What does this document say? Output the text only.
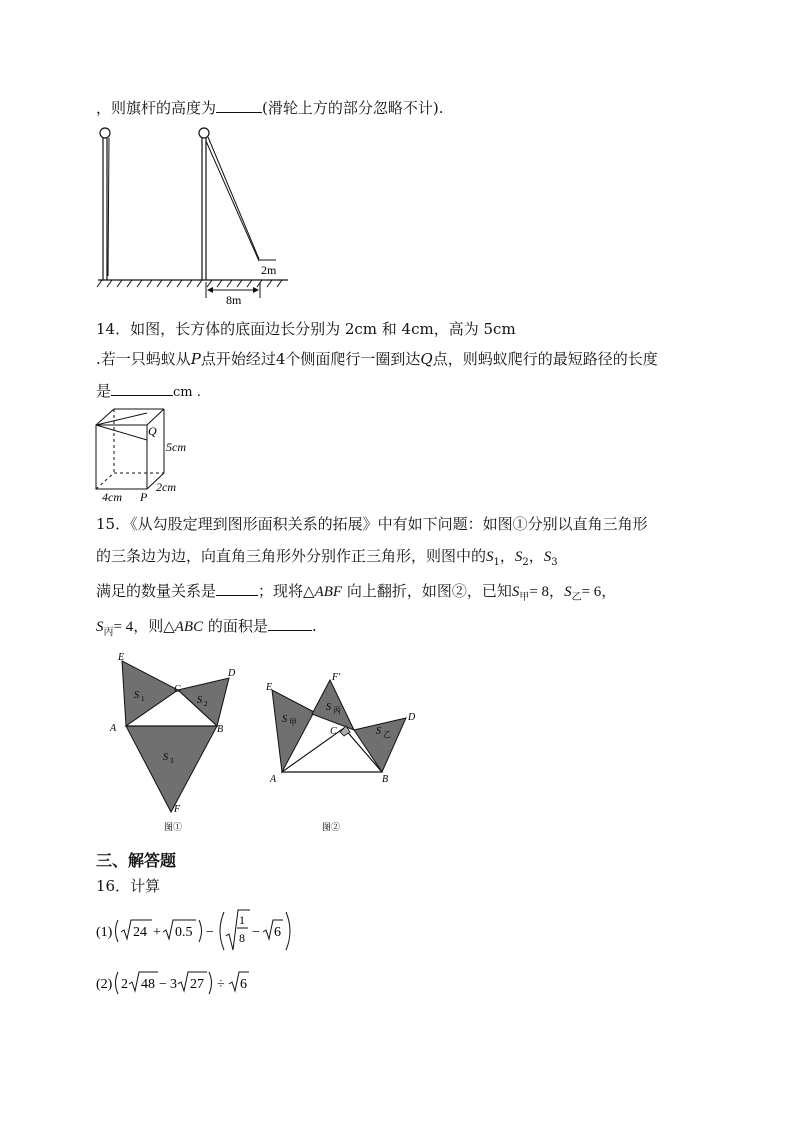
，则旗杆的高度为	(滑轮上方的部分忽略不计).
2m
8m
14．如图，长方体的底面边长分别为 2cm 和 4cm，高为 5cm
.若一只蚂蚁从P点开始经过4个侧面爬行一圈到达Q点，则蚂蚁爬行的最短路径的长度
是	cm .
Q
5cm
2cm
P
4cm
15．《从勾股定理到图形面积关系的拓展》中有如下问题：如图①分别以直角三角形
的三条边为边，向直角三角形外分别作正三角形，则图中的$S_1$，$S_2$，$S_3$
满足的数量关系是	；现将△ABF 向上翻折，如图②，已知$S_甲= 8$，$S_乙= 6$，
$S_丙= 4$，则△ABC 的面积是	.
E
D
C
A	B
F
S 1	S 2
S 3
图①
E
F'
D
C
A	B
S 甲
S 丙
S 乙
图②
三、解答题
16．计算
(1) 24 + 0.5 −
1
8 − 6
(2) 2 48 − 3 27 ÷ 6
